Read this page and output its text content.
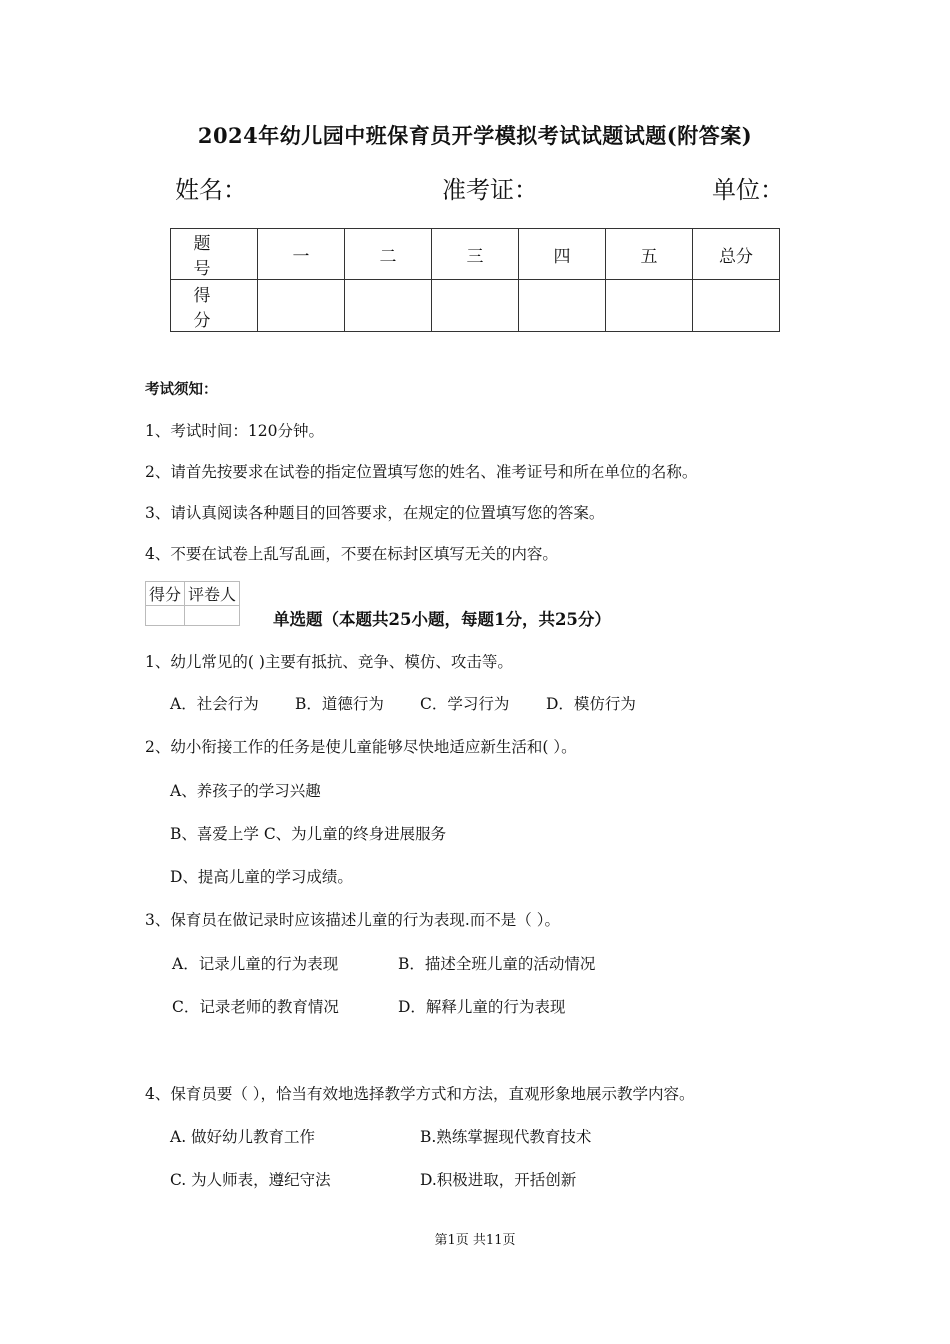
2024年幼儿园中班保育员开学模拟考试试题试题(附答案)
姓名：	准考证：	单位：
题 号	一	二	三	四	五	总分
得 分						
考试须知：
1、考试时间：120分钟。
2、请首先按要求在试卷的指定位置填写您的姓名、准考证号和所在单位的名称。
3、请认真阅读各种题目的回答要求，在规定的位置填写您的答案。
4、不要在试卷上乱写乱画，不要在标封区填写无关的内容。
得分	评卷人

单选题（本题共25小题，每题1分，共25分）
1、幼儿常见的( )主要有抵抗、竞争、模仿、攻击等。
A．社会行为 B．道德行为 C．学习行为 D．模仿行为
2、幼小衔接工作的任务是使儿童能够尽快地适应新生活和( ）。
A、养孩子的学习兴趣
B、喜爱上学 C、为儿童的终身进展服务
D、提高儿童的学习成绩。
3、保育员在做记录时应该描述儿童的行为表现.而不是（ ）。
A．记录儿童的行为表现	B．描述全班儿童的活动情况
C．记录老师的教育情况	D．解释儿童的行为表现
4、保育员要（ ），恰当有效地选择教学方式和方法，直观形象地展示教学内容。
A. 做好幼儿教育工作	B.熟练掌握现代教育技术
C. 为人师表，遵纪守法	D.积极进取，开括创新
第1页 共11页
